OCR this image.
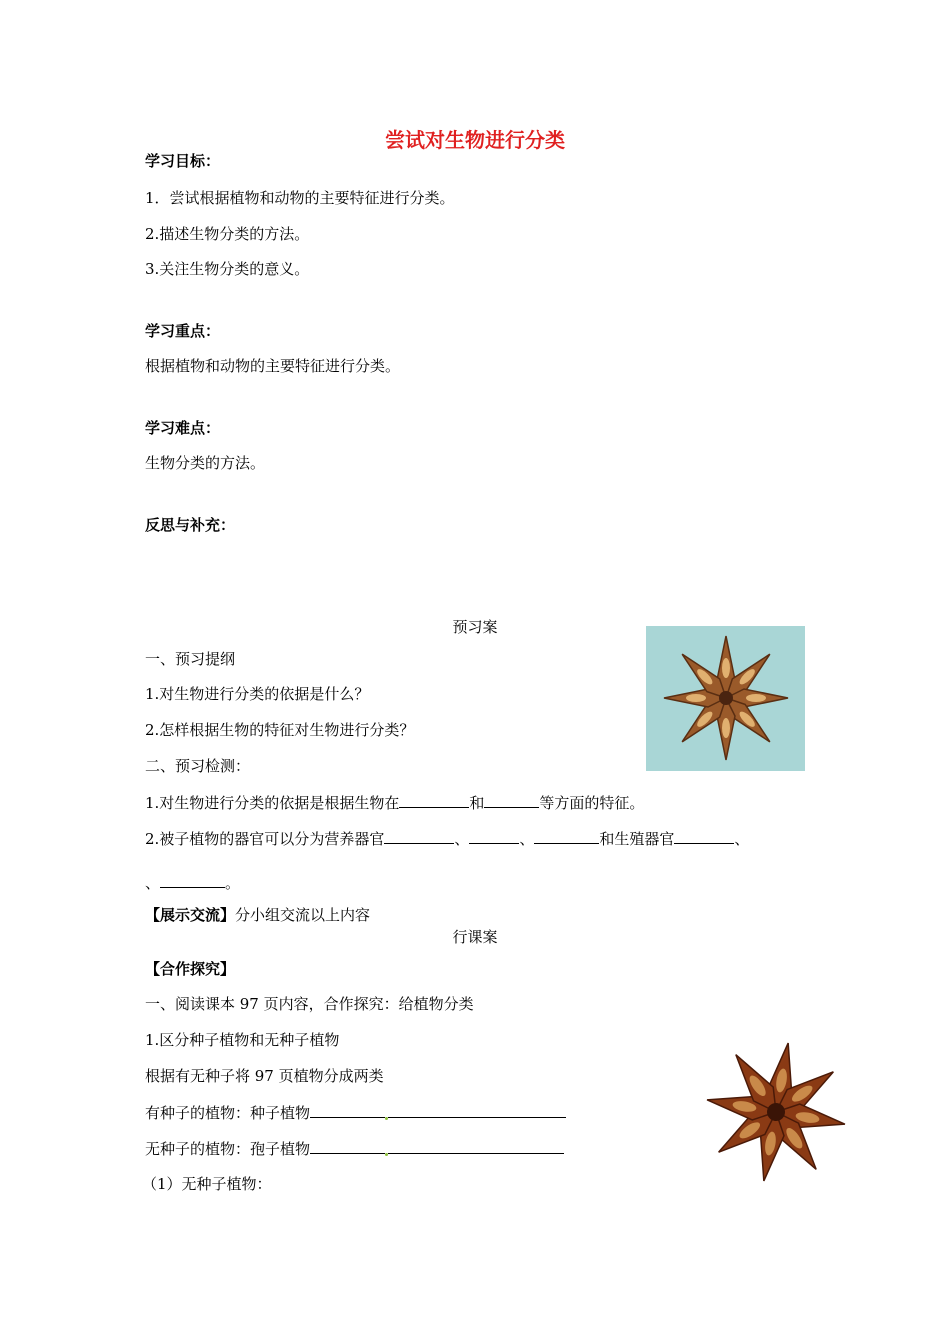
尝试对生物进行分类
学习目标：
1．尝试根据植物和动物的主要特征进行分类。
2.描述生物分类的方法。
3.关注生物分类的意义。
学习重点：
根据植物和动物的主要特征进行分类。
学习难点：
生物分类的方法。
反思与补充：
预习案
一、预习提纲
1.对生物进行分类的依据是什么？
2.怎样根据生物的特征对生物进行分类？
二、预习检测：
1.对生物进行分类的依据是根据生物在	和	等方面的特征。
2.被子植物的器官可以分为营养器官	、	、	和生殖器官	、
、	。
【展示交流】分小组交流以上内容
行课案
【合作探究】
一、阅读课本 97 页内容，合作探究：给植物分类
1.区分种子植物和无种子植物
根据有无种子将 97 页植物分成两类
有种子的植物：种子植物
无种子的植物：孢子植物
（1）无种子植物：
